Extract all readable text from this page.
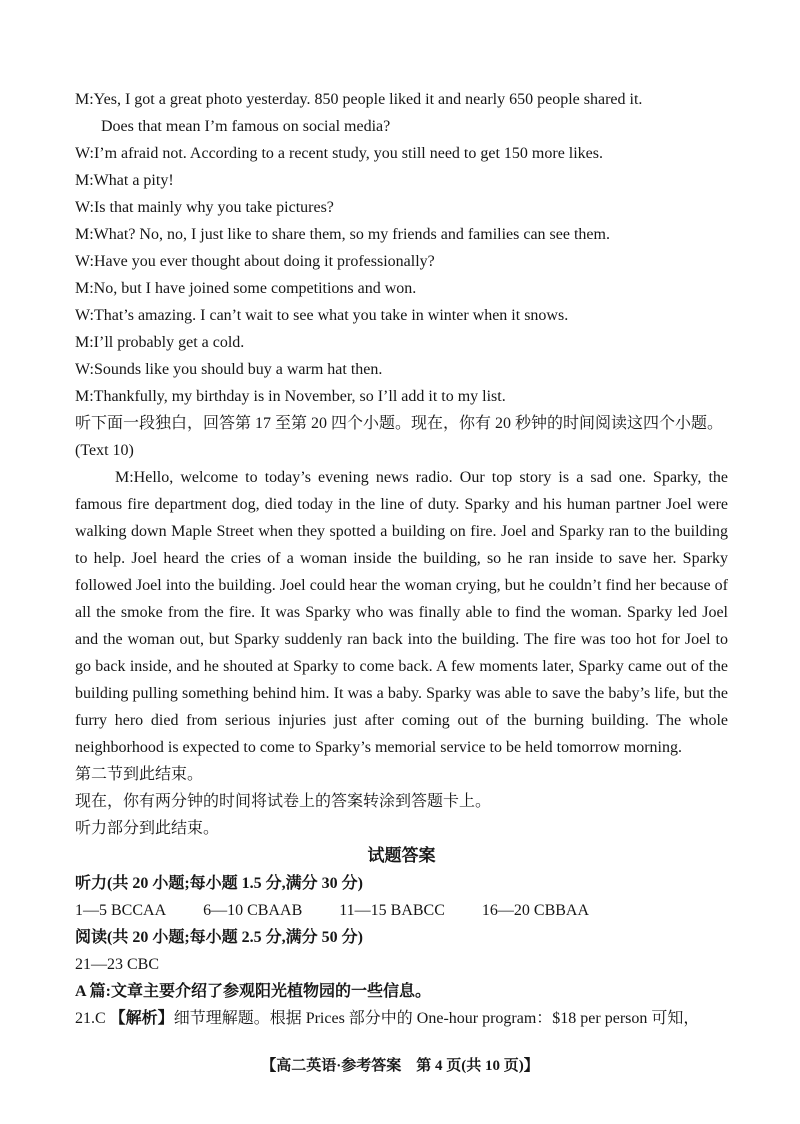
M:Yes, I got a great photo yesterday. 850 people liked it and nearly 650 people shared it.

Does that mean I’m famous on social media?

W:I’m afraid not. According to a recent study, you still need to get 150 more likes.

M:What a pity!

W:Is that mainly why you take pictures?

M:What? No, no, I just like to share them, so my friends and families can see them.

W:Have you ever thought about doing it professionally?

M:No, but I have joined some competitions and won.

W:That’s amazing. I can’t wait to see what you take in winter when it snows.

M:I’ll probably get a cold.

W:Sounds like you should buy a warm hat then.

M:Thankfully, my birthday is in November, so I’ll add it to my list.

听下面一段独白，回答第 17 至第 20 四个小题。现在，你有 20 秒钟的时间阅读这四个小题。

(Text 10)

M:Hello, welcome to today’s evening news radio. Our top story is a sad one. Sparky, the famous fire department dog, died today in the line of duty. Sparky and his human partner Joel were walking down Maple Street when they spotted a building on fire. Joel and Sparky ran to the building to help. Joel heard the cries of a woman inside the building, so he ran inside to save her. Sparky followed Joel into the building. Joel could hear the woman crying, but he couldn’t find her because of all the smoke from the fire. It was Sparky who was finally able to find the woman. Sparky led Joel and the woman out, but Sparky suddenly ran back into the building. The fire was too hot for Joel to go back inside, and he shouted at Sparky to come back. A few moments later, Sparky came out of the building pulling something behind him. It was a baby. Sparky was able to save the baby’s life, but the furry hero died from serious injuries just after coming out of the burning building. The whole neighborhood is expected to come to Sparky’s memorial service to be held tomorrow morning.

第二节到此结束。

现在，你有两分钟的时间将试卷上的答案转涂到答题卡上。

听力部分到此结束。

试题答案

听力(共 20 小题;每小题 1.5 分,满分 30 分)

1—5 BCCAA 6—10 CBAAB 11—15 BABCC 16—20 CBBAA

阅读(共 20 小题;每小题 2.5 分,满分 50 分)

21—23 CBC

A 篇:文章主要介绍了参观阳光植物园的一些信息。

21.C 【解析】细节理解题。根据 Prices 部分中的 One-hour program：$18 per person 可知，

【高二英语·参考答案　第 4 页(共 10 页)】
